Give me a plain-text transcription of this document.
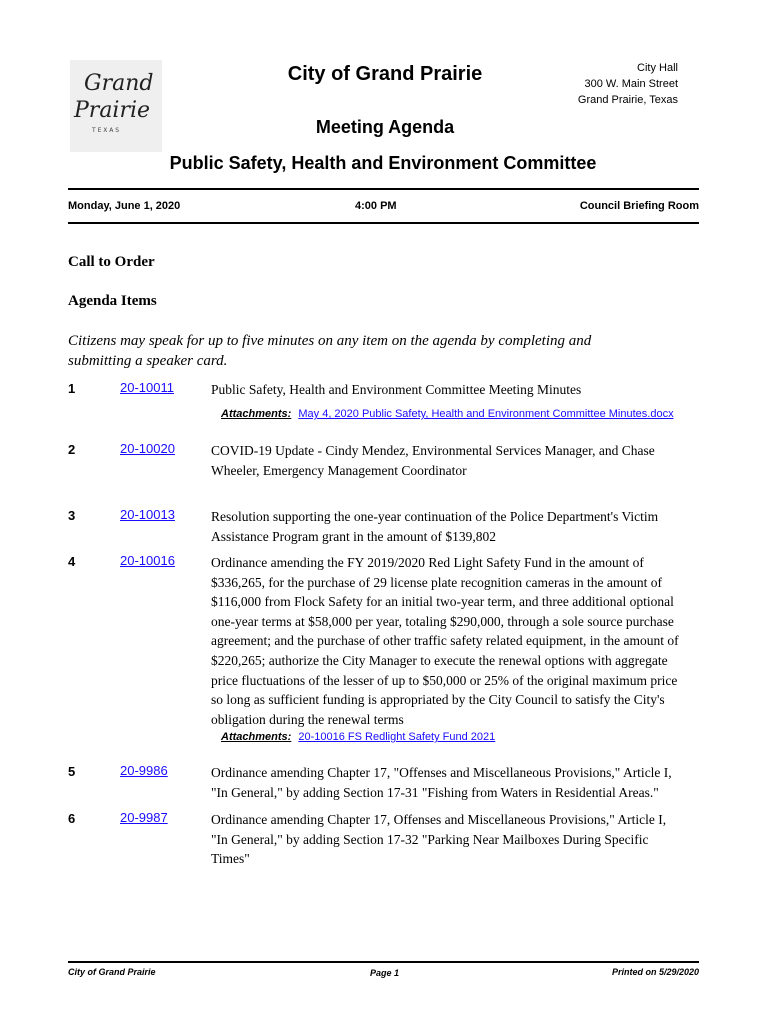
Grand
Prairie
T E X A S
City of Grand Prairie	City Hall
300 W. Main Street
Grand Prairie, Texas
Meeting Agenda
Public Safety, Health and Environment Committee
Monday, June 1, 2020	4:00 PM	Council Briefing Room
Call to Order
Agenda Items
Citizens may speak for up to five minutes on any item on the agenda by completing and submitting a speaker card.
1	20-10011	Public Safety, Health and Environment Committee Meeting Minutes
Attachments: May 4, 2020 Public Safety, Health and Environment Committee Minutes.docx
2	20-10020	COVID-19 Update - Cindy Mendez, Environmental Services Manager, and Chase Wheeler, Emergency Management Coordinator
3	20-10013	Resolution supporting the one-year continuation of the Police Department's Victim Assistance Program grant in the amount of $139,802
4	20-10016	Ordinance amending the FY 2019/2020 Red Light Safety Fund in the amount of $336,265, for the purchase of 29 license plate recognition cameras in the amount of $116,000 from Flock Safety for an initial two-year term, and three additional optional one-year terms at $58,000 per year, totaling $290,000, through a sole source purchase agreement; and the purchase of other traffic safety related equipment, in the amount of $220,265; authorize the City Manager to execute the renewal options with aggregate price fluctuations of the lesser of up to $50,000 or 25% of the original maximum price so long as sufficient funding is appropriated by the City Council to satisfy the City's obligation during the renewal terms
Attachments: 20-10016 FS Redlight Safety Fund 2021
5	20-9986	Ordinance amending Chapter 17, "Offenses and Miscellaneous Provisions," Article I, "In General," by adding Section 17-31 "Fishing from Waters in Residential Areas."
6	20-9987	Ordinance amending Chapter 17, Offenses and Miscellaneous Provisions," Article I, "In General," by adding Section 17-32 "Parking Near Mailboxes During Specific Times"
City of Grand Prairie	Page 1	Printed on 5/29/2020
